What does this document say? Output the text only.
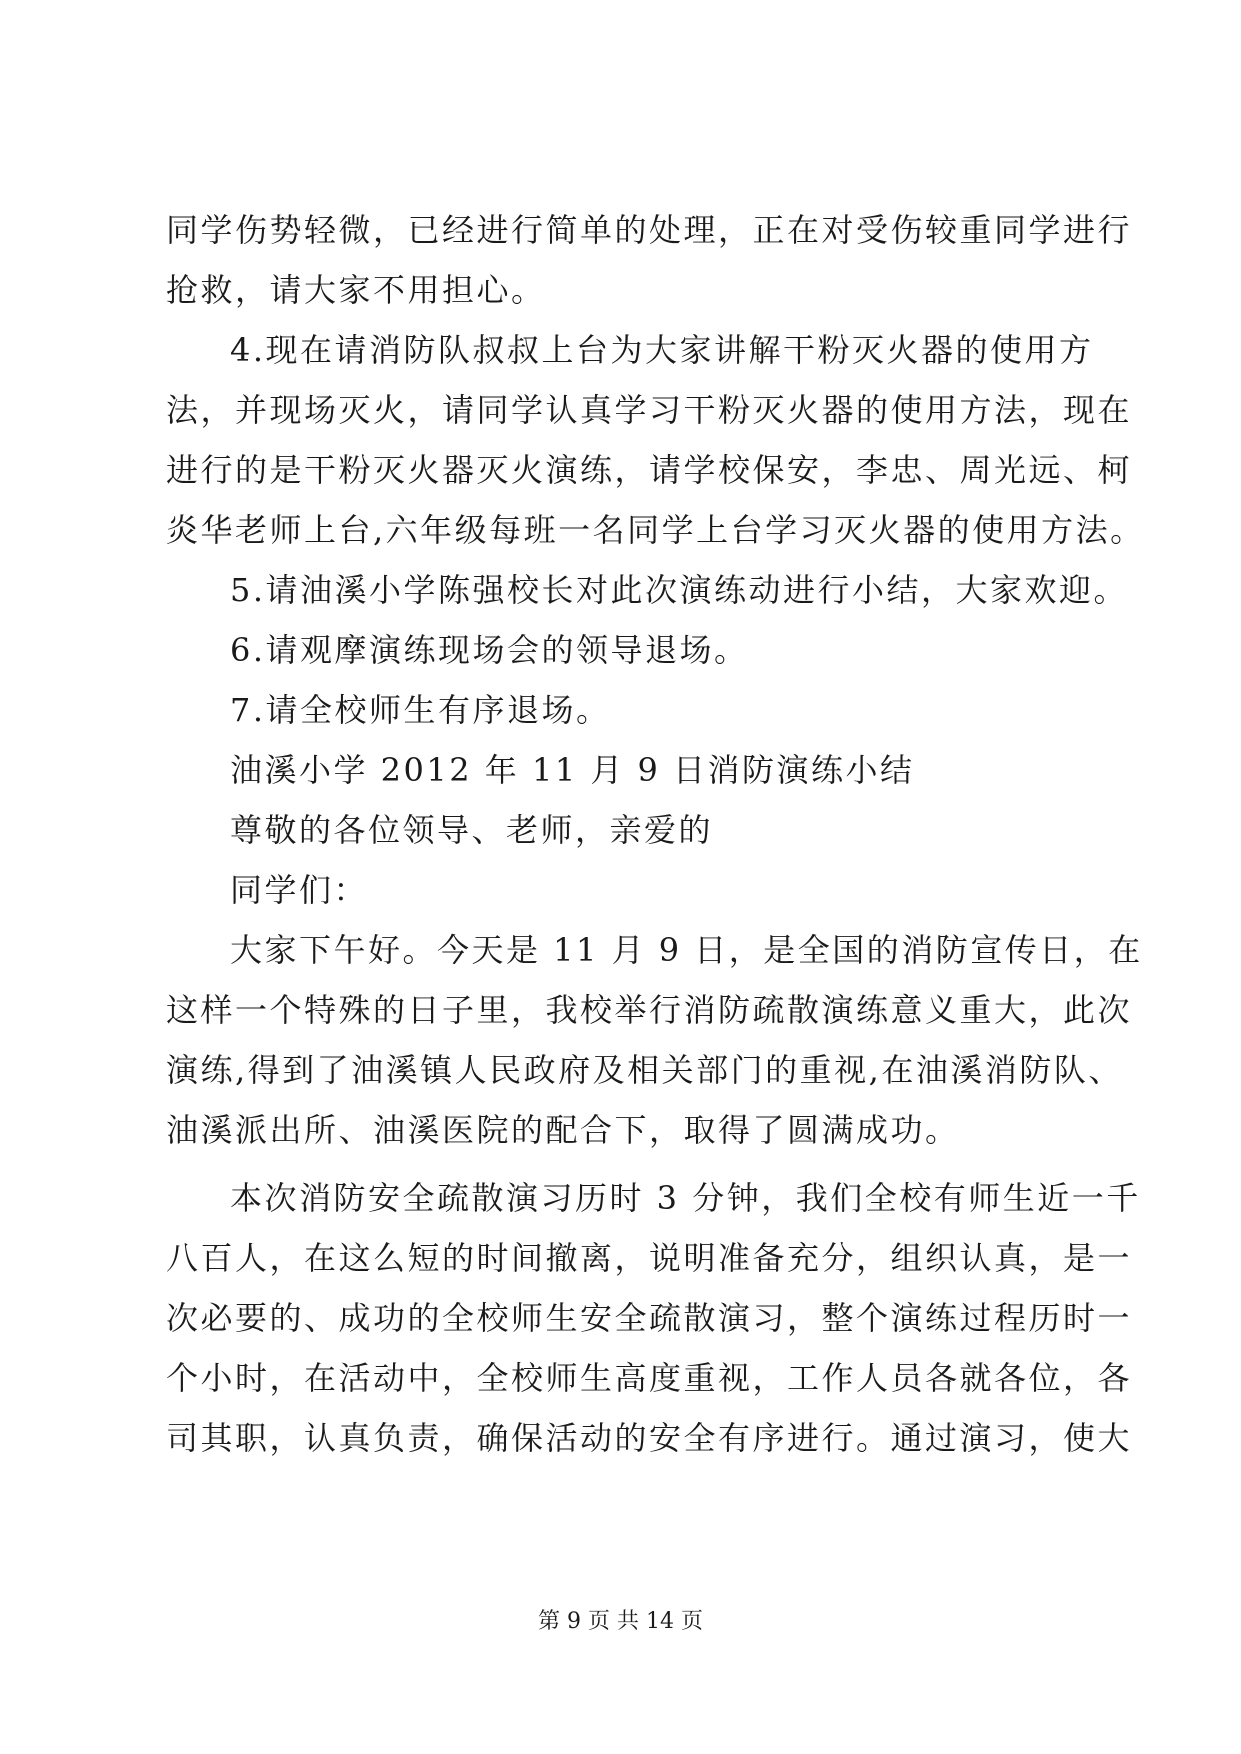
同学伤势轻微，已经进行简单的处理，正在对受伤较重同学进行
抢救，请大家不用担心。
4.现在请消防队叔叔上台为大家讲解干粉灭火器的使用方
法，并现场灭火，请同学认真学习干粉灭火器的使用方法，现在
进行的是干粉灭火器灭火演练，请学校保安，李忠、周光远、柯
炎华老师上台,六年级每班一名同学上台学习灭火器的使用方法。
5.请油溪小学陈强校长对此次演练动进行小结，大家欢迎。
6.请观摩演练现场会的领导退场。
7.请全校师生有序退场。
油溪小学 2012 年 11 月 9 日消防演练小结
尊敬的各位领导、老师，亲爱的
同学们：
大家下午好。今天是 11 月 9 日，是全国的消防宣传日，在
这样一个特殊的日子里，我校举行消防疏散演练意义重大，此次
演练,得到了油溪镇人民政府及相关部门的重视,在油溪消防队、
油溪派出所、油溪医院的配合下，取得了圆满成功。
本次消防安全疏散演习历时 3 分钟，我们全校有师生近一千
八百人，在这么短的时间撤离，说明准备充分，组织认真，是一
次必要的、成功的全校师生安全疏散演习，整个演练过程历时一
个小时，在活动中，全校师生高度重视，工作人员各就各位，各
司其职，认真负责，确保活动的安全有序进行。通过演习，使大
第 9 页 共 14 页
